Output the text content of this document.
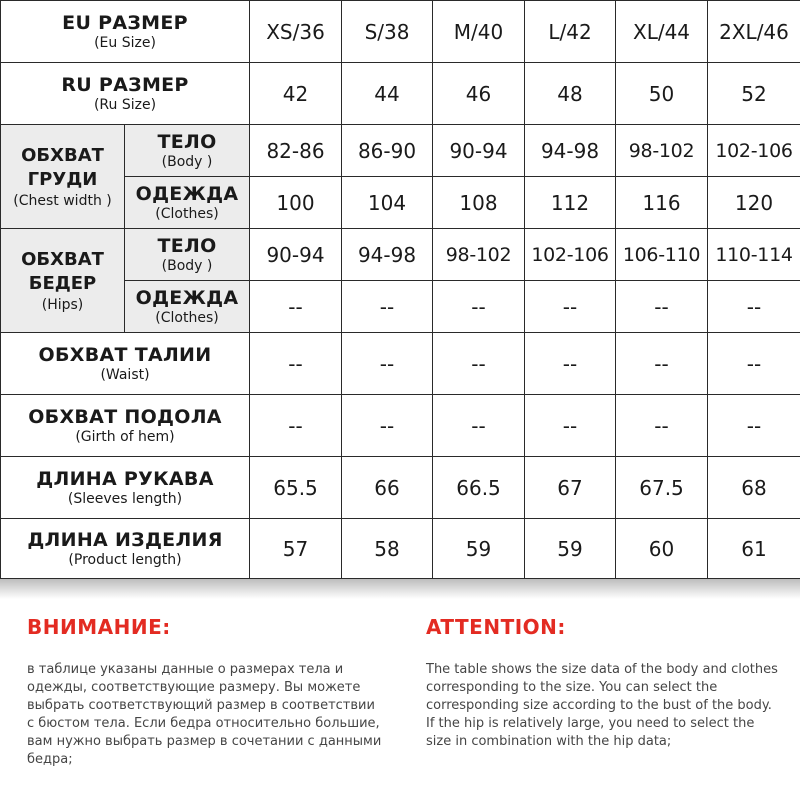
EU РАЗМЕР
(Eu Size)		XS/36	S/38	M/40	L/42	XL/44	2XL/46

RU РАЗМЕР
(Ru Size)		42	44	46	48	50	52

ОБХВАТ
ГРУДИ
(Chest width )	ТЕЛО
(Body )	82-86	86-90	90-94	94-98	98-102	102-106

	ОДЕЖДА
(Clothes)	100	104	108	112	116	120

ОБХВАТ
БЕДЕР
(Hips)	ТЕЛО
(Body )	90-94	94-98	98-102	102-106	106-110	110-114

	ОДЕЖДА
(Clothes)	--	--	--	--	--	--

ОБХВАТ ТАЛИИ
(Waist)		--	--	--	--	--	--

ОБХВАТ ПОДОЛА
(Girth of hem)		--	--	--	--	--	--

ДЛИНА РУКАВА
(Sleeves length)		65.5	66	66.5	67	67.5	68

ДЛИНА ИЗДЕЛИЯ
(Product length)		57	58	59	59	60	61
ВНИМАНИЕ:
в таблице указаны данные о размерах тела и одежды, соответствующие размеру. Вы можете выбрать соответствующий размер в соответствии с бюстом тела. Если бедра относительно большие, вам нужно выбрать размер в сочетании с данными бедра;
ATTENTION:
The table shows the size data of the body and clothes corresponding to the size. You can select the corresponding size according to the bust of the body. If the hip is relatively large, you need to select the size in combination with the hip data;
